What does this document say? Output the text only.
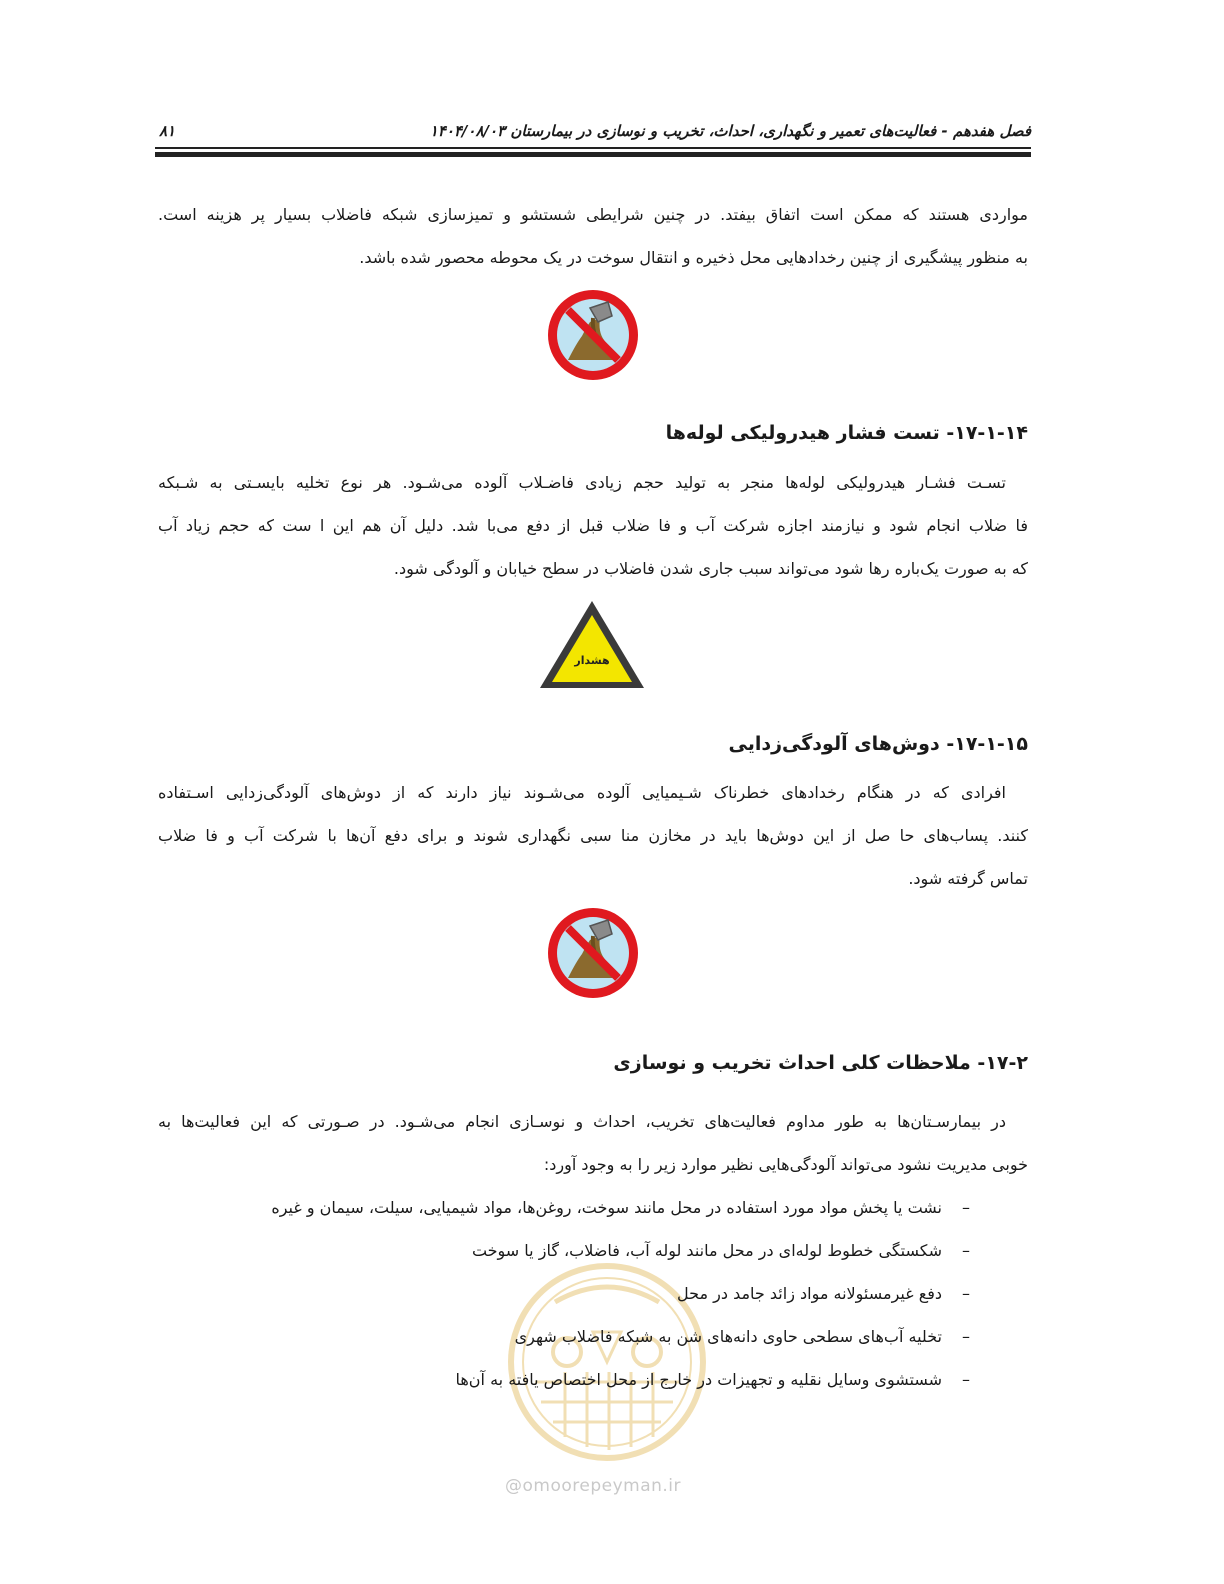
فصل هفدهم - فعالیت‌های تعمیر و نگهداری، احداث، تخریب و نوسازی در بیمارستان ۱۴۰۴/۰۸/۰۳
۸۱

مواردی هستند که ممکن است اتفاق بیفتد. در چنین شرایطی شستشو و تمیزسازی شبکه فاضلاب بسیار پر هزینه است.
به منظور پیشگیری از چنین رخدادهایی محل ذخیره و انتقال سوخت در یک محوطه محصور شده باشد.

۱۷-۱-۱۴- تست فشار هیدرولیکی لوله‌ها

تسـت فشـار هیدرولیکی لوله‌ها منجر به تولید حجم زیادی فاضـلاب آلوده می‌شـود. هر نوع تخلیه بایسـتی به شـبکه
فا ضلاب انجام شود و نیازمند اجازه شرکت آب و فا ضلاب قبل از دفع می‌با شد. دلیل آن هم این ا ست که حجم زیاد آب
که به صورت یک‌باره رها شود می‌تواند سبب جاری شدن فاضلاب در سطح خیابان و آلودگی شود.

هشدار
۱۷-۱-۱۵- دوش‌های آلودگی‌زدایی

افرادی که در هنگام رخدادهای خطرناک شـیمیایی آلوده می‌شـوند نیاز دارند که از دوش‌های آلودگی‌زدایی اسـتفاده
کنند. پسا‌ب‌های حا صل از این دوش‌ها باید در مخازن منا سبی نگهداری شوند و برای دفع آن‌ها با شرکت آب و فا ضلاب
تماس گرفته شود.

۱۷-۲- ملاحظات کلی احداث تخریب و نوسازی

در بیمارسـتان‌ها به طور مداوم فعالیت‌های تخریب، احداث و نوسـازی انجام می‌شـود. در صـورتی که این فعالیت‌ها به
خوبی مدیریت نشود می‌تواند آلودگی‌هایی نظیر موارد زیر را به وجود آورد:

–
نشت یا پخش مواد مورد استفاده در محل مانند سوخت، روغن‌ها، مواد شیمیایی، سیلت، سیمان و غیره
–
شکستگی خطوط لوله‌ای در محل مانند لوله آب، فاضلاب، گاز یا سوخت
–
دفع غیرمسئولانه مواد زائد جامد در محل
–
تخلیه آب‌های سطحی حاوی دانه‌های شن به شبکه فاضلاب شهری
–
شستشوی وسایل نقلیه و تجهیزات در خارج از محل اختصاص یافته به آن‌ها
@omoorepeyman.ir
